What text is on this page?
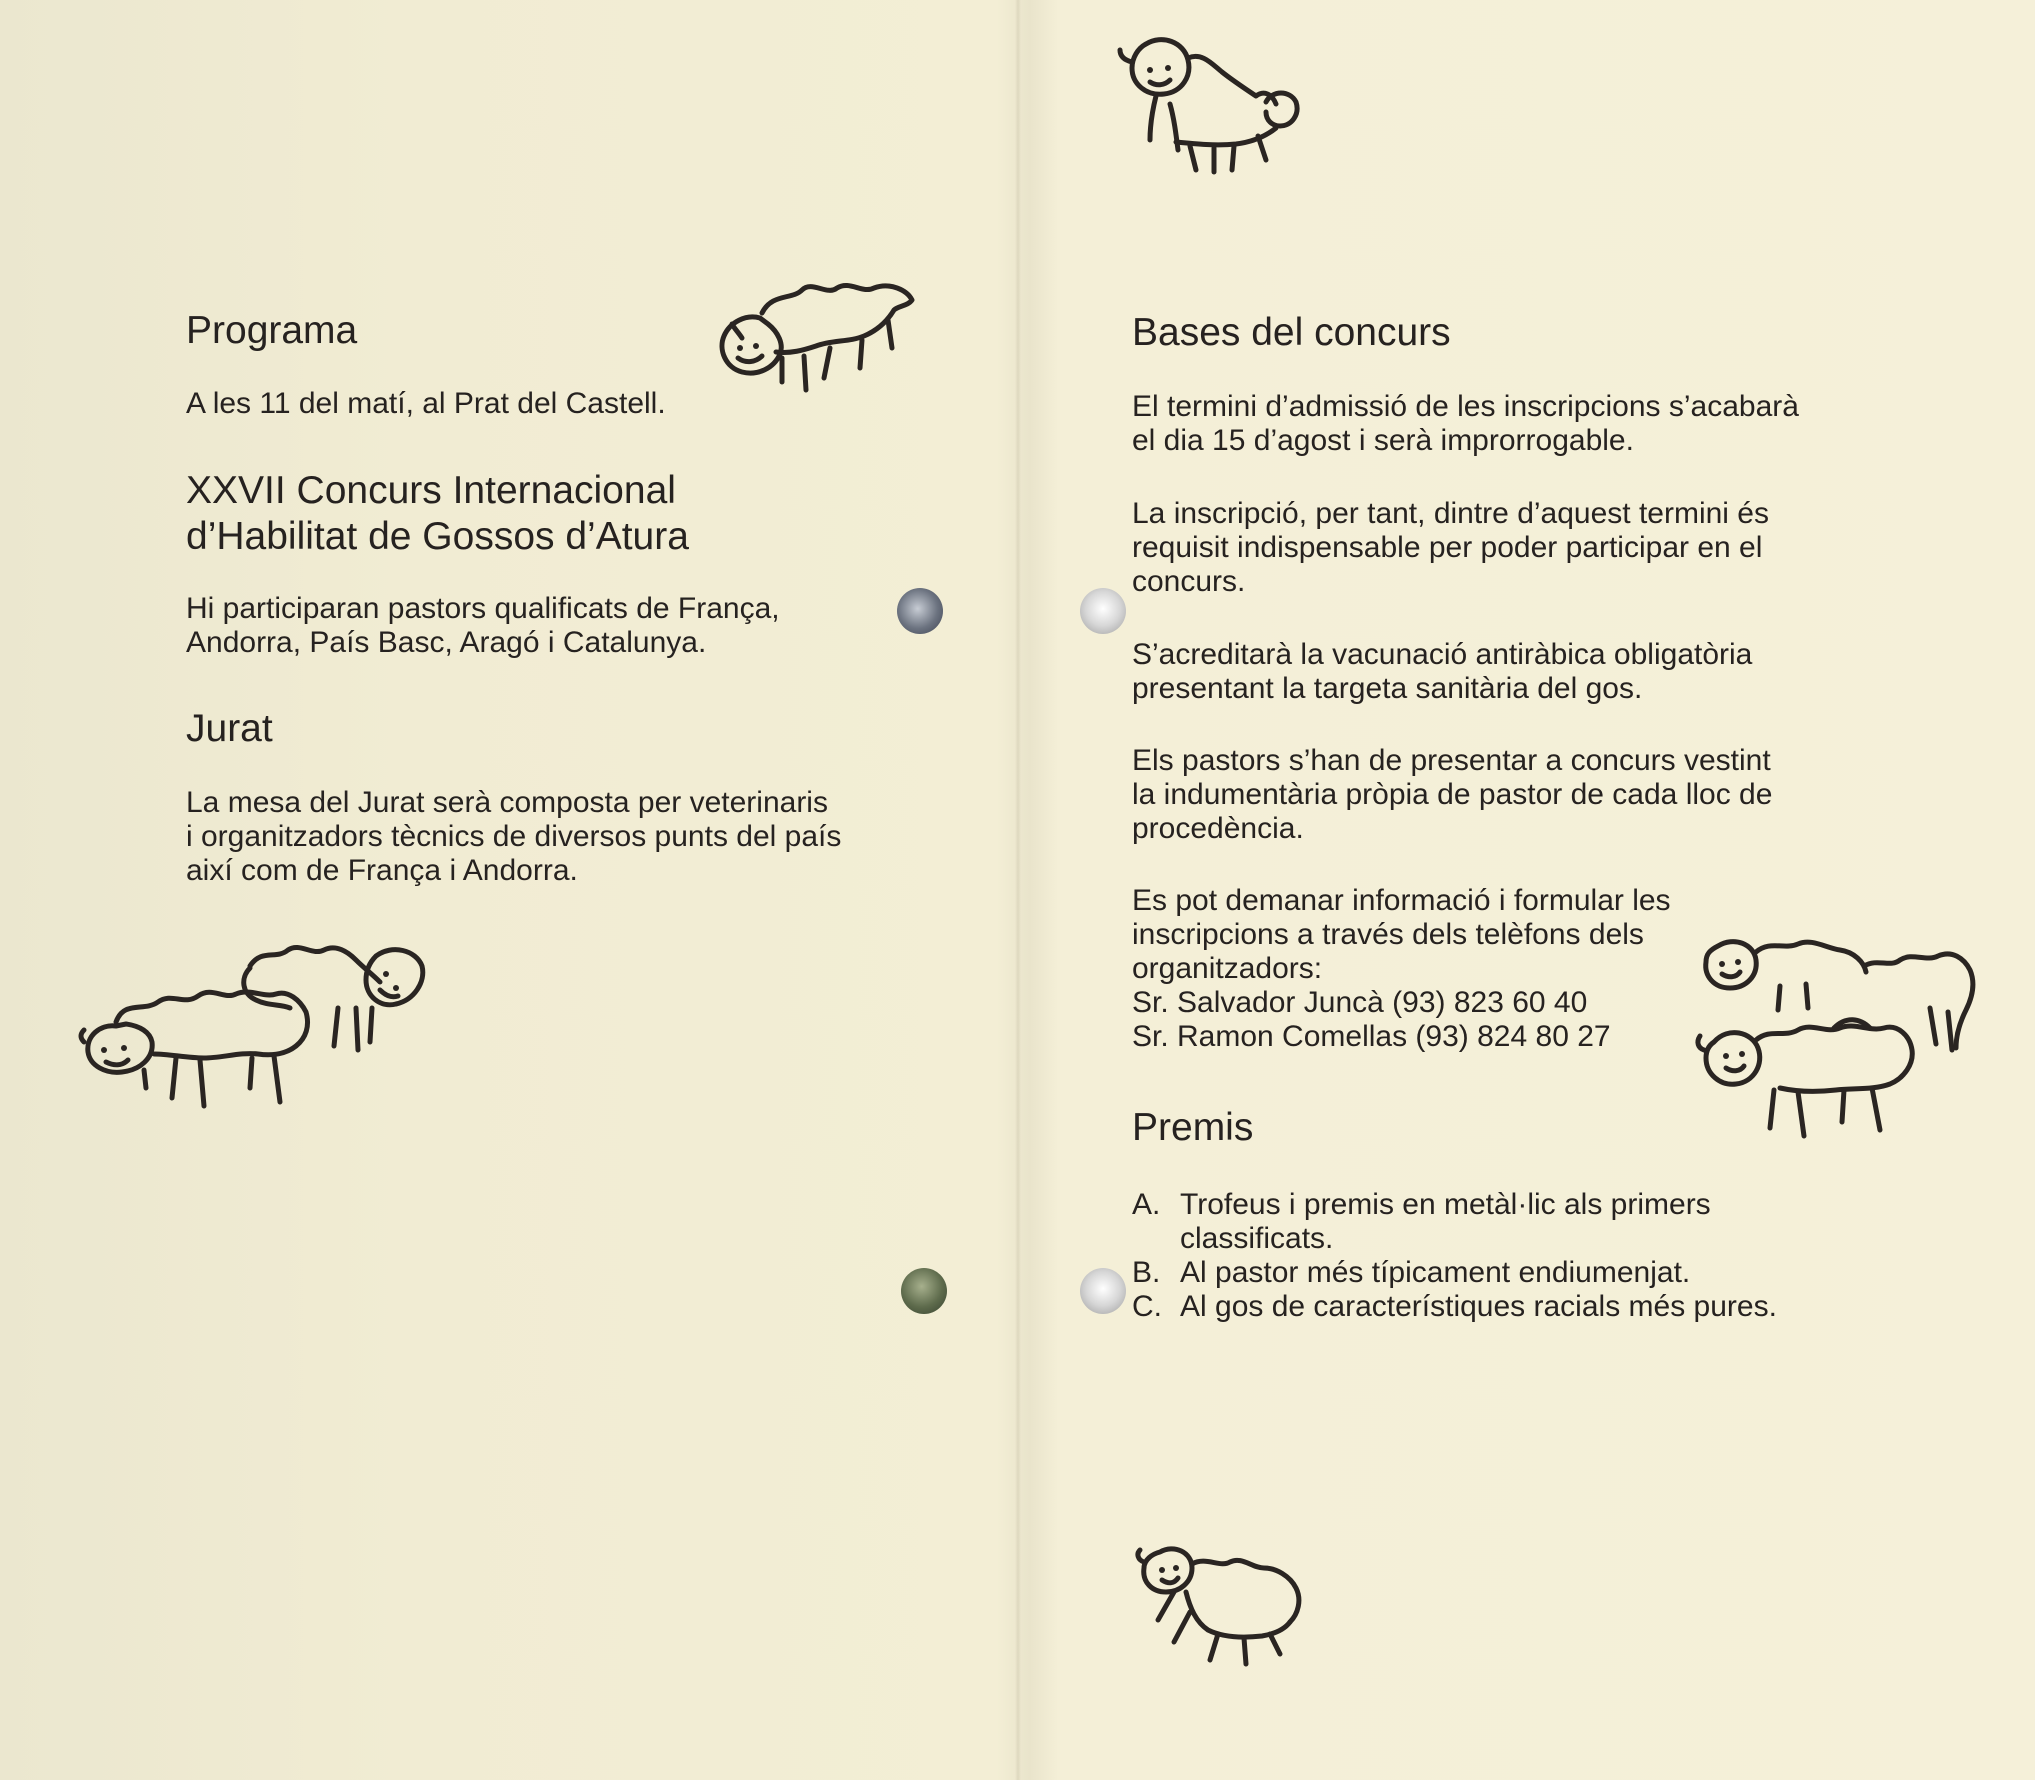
Programa

A les 11 del matí, al Prat del Castell.

XXVII Concurs Internacional
d’Habilitat de Gossos d’Atura

Hi participaran pastors qualificats de França,
Andorra, País Basc, Aragó i Catalunya.

Jurat

La mesa del Jurat serà composta per veterinaris
i organitzadors tècnics de diversos punts del país
així com de França i Andorra.

Bases del concurs

El termini d’admissió de les inscripcions s’acabarà
el dia 15 d’agost i serà improrrogable.

La inscripció, per tant, dintre d’aquest termini és
requisit indispensable per poder participar en el
concurs.

S’acreditarà la vacunació antiràbica obligatòria
presentant la targeta sanitària del gos.

Els pastors s’han de presentar a concurs vestint
la indumentària pròpia de pastor de cada lloc de
procedència.

Es pot demanar informació i formular les
inscripcions a través dels telèfons dels
organitzadors:
Sr. Salvador Juncà (93) 823 60 40
Sr. Ramon Comellas (93) 824 80 27

Premis
A. Trofeus i premis en metàl·lic als primers
classificats.
B. Al pastor més típicament endiumenjat.
C. Al gos de característiques racials més pures.
